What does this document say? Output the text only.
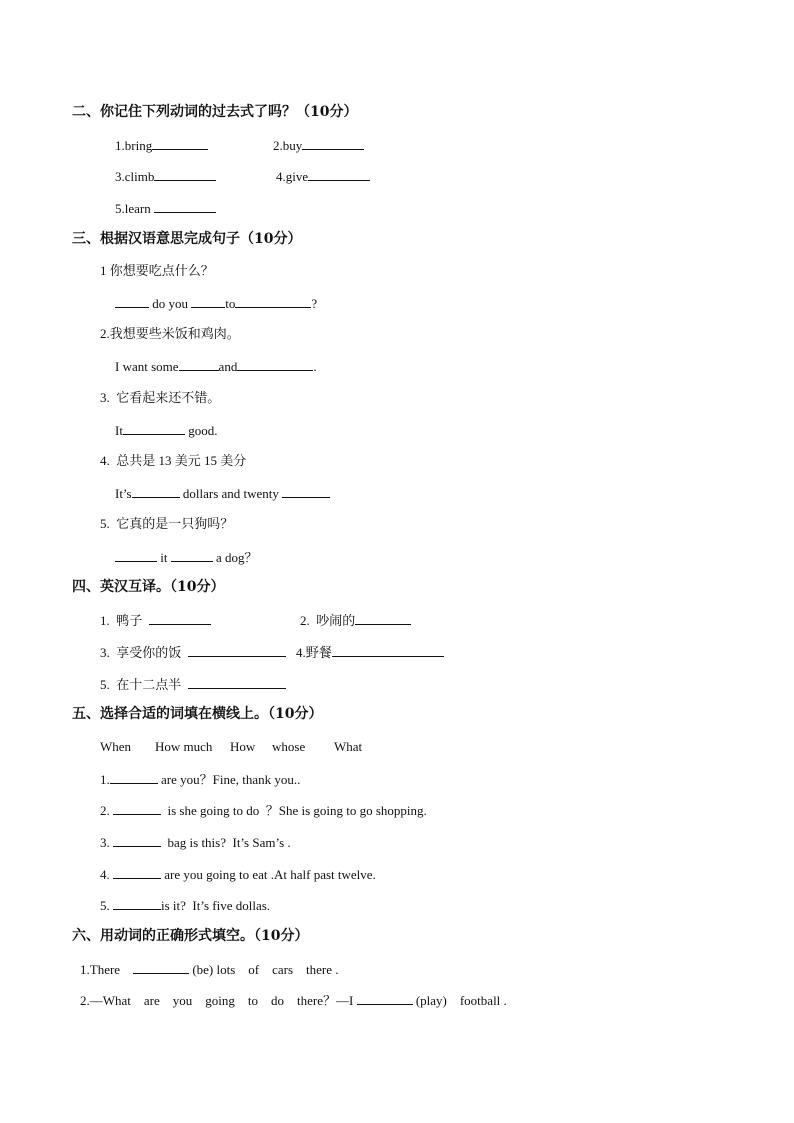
二、你记住下列动词的过去式了吗？（10分）
1.bring	2.buy
3.climb	4.give
5.learn
三、根据汉语意思完成句子（10分）
1 你想要吃点什么？
do you	to	?
2.我想要些米饭和鸡肉。
I want some	and	.
3.  它看起来还不错。
It	good.
4.  总共是 13 美元 15 美分
It’s	dollars and twenty
5.  它真的是一只狗吗？
it	a dog？
四、英汉互译。（10分）
1.  鸭子	2.  吵闹的
3.  享受你的饭	4.野餐
5.  在十二点半
五、选择合适的词填在横线上。（10分）
When How much How whose What
1.	are you？Fine, thank you..
2.	is she going to do  ？She is going to go shopping.
3.	bag is this?  It’s Sam’s .
4.	are you going to eat .At half past twelve.
5.	is it?  It’s five dollas.
六、用动词的正确形式填空。（10分）
1.There	(be) lots    of    cars    there .
2.—What    are    you    going    to    do    there？—I	(play)    football .
